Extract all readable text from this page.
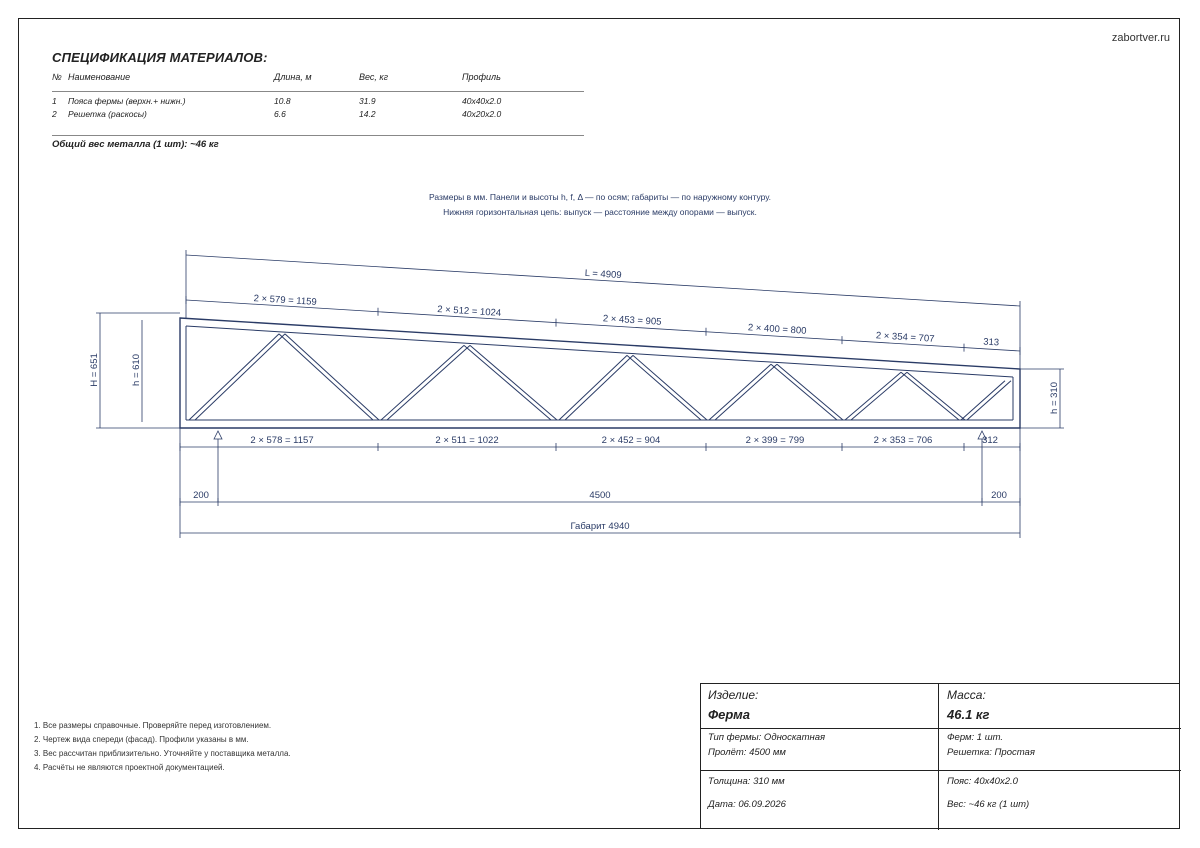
zabortver.ru
СПЕЦИФИКАЦИЯ МАТЕРИАЛОВ:
№ Наименование	Длина, м	Вес, кг	Профиль
1 Пояса фермы (верхн.+ нижн.)	10.8	31.9	40x40x2.0
2 Решетка (раскосы)	6.6	14.2	40x20x2.0
Общий вес металла (1 шт): ~46 кг
Размеры в мм. Панели и высоты h, f, Δ — по осям; габариты — по наружному контуру.
Нижняя горизонтальная цепь: выпуск — расстояние между опорами — выпуск.
L = 4909
2 × 579 = 1159
2 × 512 = 1024
2 × 453 = 905
2 × 400 = 800
2 × 354 = 707	313
2 × 578 = 1157	2 × 511 = 1022	2 × 452 = 904	2 × 399 = 799	2 × 353 = 706	312
200	4500	200
Габарит 4940
H = 651	h = 610
h = 310
1. Все размеры справочные. Проверяйте перед изготовлением.
2. Чертеж вида спереди (фасад). Профили указаны в мм.
3. Вес рассчитан приблизительно. Уточняйте у поставщика металла.
4. Расчёты не являются проектной документацией.
Изделие:
Ферма
Масса:
46.1 кг
Тип фермы: Односкатная
Пролёт: 4500 мм
Ферм: 1 шт.
Решетка: Простая
Толщина: 310 мм
Дата: 06.09.2026
Пояс: 40x40x2.0
Вес: ~46 кг (1 шт)
